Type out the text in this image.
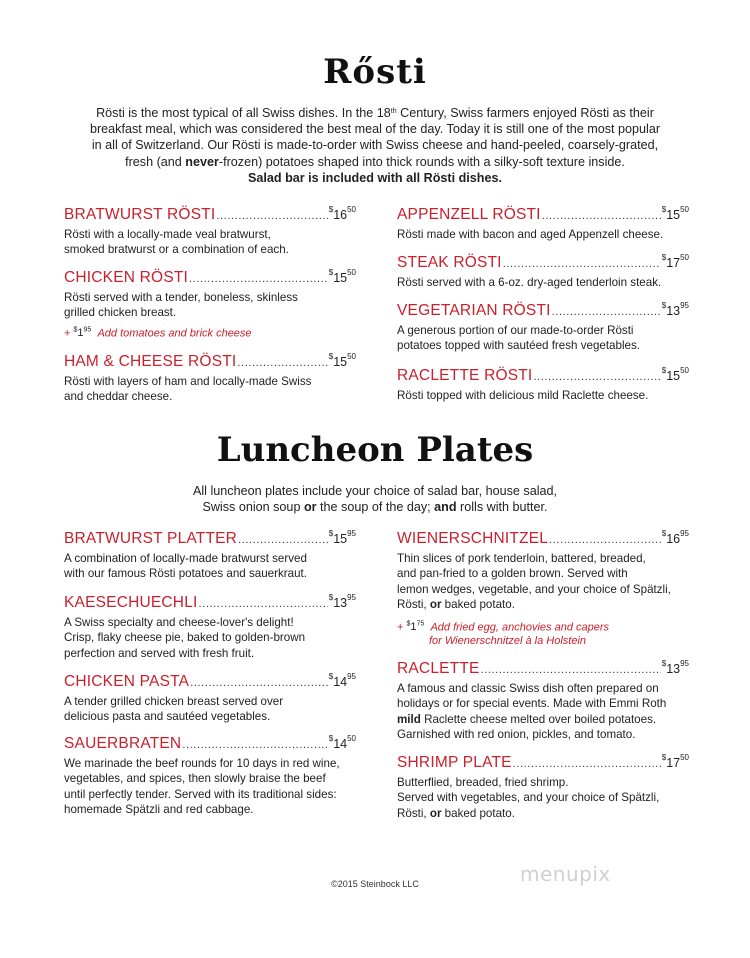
Rősti
Rösti is the most typical of all Swiss dishes. In the 18th Century, Swiss farmers enjoyed Rösti as their
breakfast meal, which was considered the best meal of the day. Today it is still one of the most popular
in all of Switzerland. Our Rösti is made-to-order with Swiss cheese and hand-peeled, coarsely-grated,
fresh (and never-frozen) potatoes shaped into thick rounds with a silky-soft texture inside.
Salad bar is included with all Rösti dishes.
BRATWURST RÖSTI
.....	$^{\$}16^{50}$
Rösti with a locally-made veal bratwurst,
smoked bratwurst or a combination of each.
CHICKEN RÖSTI
.....	$^{\$}15^{50}$
Rösti served with a tender, boneless, skinless
grilled chicken breast.
+ $^{\$}1^{95}$ Add tomatoes and brick cheese
HAM & CHEESE RÖSTI
.....	$^{\$}15^{50}$
Rösti with layers of ham and locally-made Swiss
and cheddar cheese.
APPENZELL RÖSTI
.....	$^{\$}15^{50}$
Rösti made with bacon and aged Appenzell cheese.
STEAK RÖSTI
.....	$^{\$}17^{50}$
Rösti served with a 6-oz. dry-aged tenderloin steak.
VEGETARIAN RÖSTI
.....	$^{\$}13^{95}$
A generous portion of our made-to-order Rösti
potatoes topped with sautéed fresh vegetables.
RACLETTE RÖSTI
.....	$^{\$}15^{50}$
Rösti topped with delicious mild Raclette cheese.
Luncheon Plates
All luncheon plates include your choice of salad bar, house salad,
Swiss onion soup or the soup of the day; and rolls with butter.
BRATWURST PLATTER
.....	$^{\$}15^{95}$
A combination of locally-made bratwurst served
with our famous Rösti potatoes and sauerkraut.
KAESECHUECHLI
.....	$^{\$}13^{95}$
A Swiss specialty and cheese-lover's delight!
Crisp, flaky cheese pie, baked to golden-brown
perfection and served with fresh fruit.
CHICKEN PASTA
.....	$^{\$}14^{95}$
A tender grilled chicken breast served over
delicious pasta and sautéed vegetables.
SAUERBRATEN
.....	$^{\$}14^{50}$
We marinade the beef rounds for 10 days in red wine,
vegetables, and spices, then slowly braise the beef
until perfectly tender. Served with its traditional sides:
homemade Spätzli and red cabbage.
WIENERSCHNITZEL
.....	$^{\$}16^{95}$
Thin slices of pork tenderloin, battered, breaded,
and pan-fried to a golden brown. Served with
lemon wedges, vegetable, and your choice of Spätzli,
Rösti, or baked potato.
+ $^{\$}1^{75}$ Add fried egg, anchovies and capers
for Wienerschnitzel à la Holstein
RACLETTE
.....	$^{\$}13^{95}$
A famous and classic Swiss dish often prepared on
holidays or for special events. Made with Emmi Roth
mild Raclette cheese melted over boiled potatoes.
Garnished with red onion, pickles, and tomato.
SHRIMP PLATE
.....	$^{\$}17^{50}$
Butterflied, breaded, fried shrimp.
Served with vegetables, and your choice of Spätzli,
Rösti, or baked potato.
©2015 Steinbock LLC	menupix
